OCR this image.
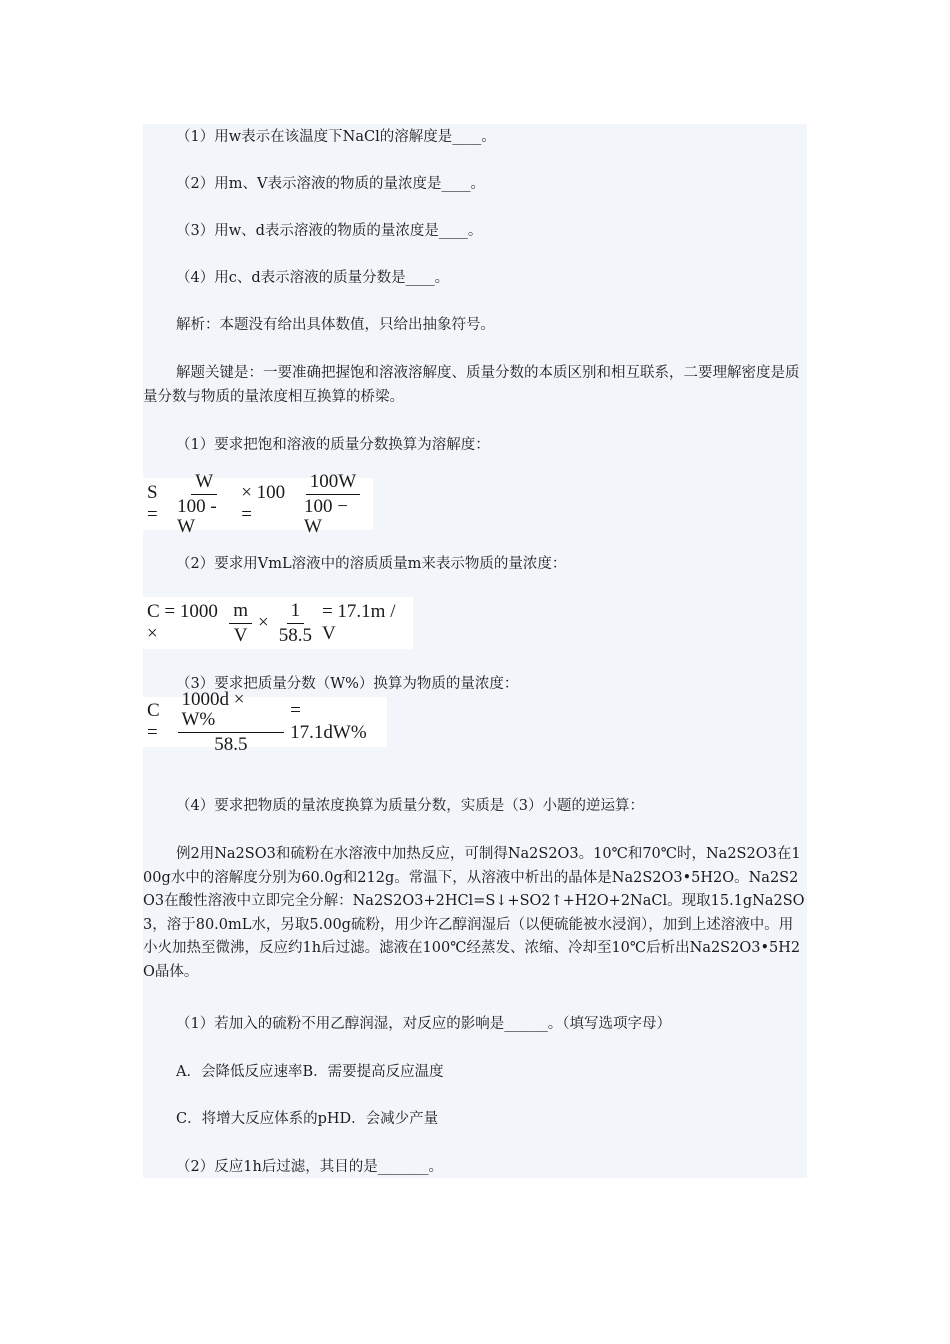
（1）用w表示在该温度下NaCl的溶解度是____。
（2）用m、V表示溶液的物质的量浓度是____。
（3）用w、d表示溶液的物质的量浓度是____。
（4）用c、d表示溶液的质量分数是____。
解析：本题没有给出具体数值，只给出抽象符号。
解题关键是：一要准确把握饱和溶液溶解度、质量分数的本质区别和相互联系，二要理解密度是质量分数与物质的量浓度相互换算的桥梁。
（1）要求把饱和溶液的质量分数换算为溶解度：
$S = \frac{W}{100 - W} \times 100$ =	$\frac{100W}{100 - W}$
（2）要求用VmL溶液中的溶质质量m来表示物质的量浓度：
C = 1000 ×	$\frac{m}{V} \times \frac{1}{58.5} = 17.1m / V$
（3）要求把质量分数（W%）换算为物质的量浓度：
C =	$\frac{1000d \times W\%}{58.5} = 17.1dW\%$
（4）要求把物质的量浓度换算为质量分数，实质是（3）小题的逆运算：
例2用Na2SO3和硫粉在水溶液中加热反应，可制得Na2S2O3。10℃和70℃时，Na2S2O3在100g水中的溶解度分别为60.0g和212g。常温下，从溶液中析出的晶体是Na2S2O3•5H2O。Na2S2O3在酸性溶液中立即完全分解：Na2S2O3+2HCl=S↓+SO2↑+H2O+2NaCl。现取15.1gNa2SO3，溶于80.0mL水，另取5.00g硫粉，用少许乙醇润湿后（以便硫能被水浸润），加到上述溶液中。用小火加热至微沸，反应约1h后过滤。滤液在100℃经蒸发、浓缩、冷却至10℃后析出Na2S2O3•5H2O晶体。
（1）若加入的硫粉不用乙醇润湿，对反应的影响是______。（填写选项字母）
A．会降低反应速率B．需要提高反应温度
C．将增大反应体系的pHD．会减少产量
（2）反应1h后过滤，其目的是_______。
